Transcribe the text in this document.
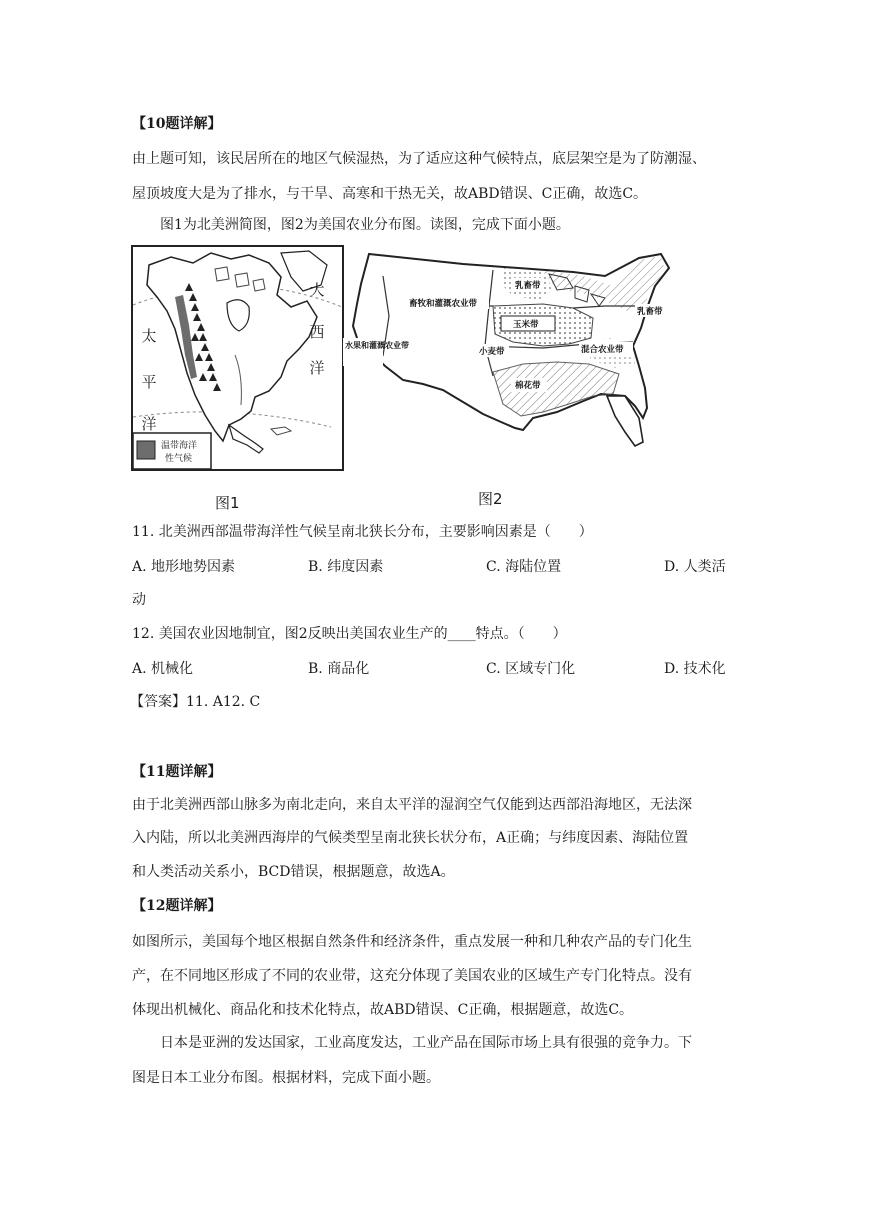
【10题详解】
由上题可知，该民居所在的地区气候湿热，为了适应这种气候特点，底层架空是为了防潮湿、
屋顶坡度大是为了排水，与干旱、高寒和干热无关，故ABD错误、C正确，故选C。
图1为北美洲简图，图2为美国农业分布图。读图，完成下面小题。
大
西
洋
太
平
洋
温带海洋
性气候
图1
畜牧和灌溉农业带
乳畜带
玉米带
小麦带	混合农业带
乳畜带
棉花带
水果和灌溉农业带
图2
11. 北美洲西部温带海洋性气候呈南北狭长分布，主要影响因素是（　　）
A. 地形地势因素	B. 纬度因素	C. 海陆位置	D. 人类活
动
12. 美国农业因地制宜，图2反映出美国农业生产的____特点。（　　）
A. 机械化	B. 商品化	C. 区域专门化	D. 技术化
【答案】11. A12. C
【11题详解】
由于北美洲西部山脉多为南北走向，来自太平洋的湿润空气仅能到达西部沿海地区，无法深
入内陆，所以北美洲西海岸的气候类型呈南北狭长状分布，A正确；与纬度因素、海陆位置
和人类活动关系小，BCD错误，根据题意，故选A。
【12题详解】
如图所示，美国每个地区根据自然条件和经济条件，重点发展一种和几种农产品的专门化生
产，在不同地区形成了不同的农业带，这充分体现了美国农业的区域生产专门化特点。没有
体现出机械化、商品化和技术化特点，故ABD错误、C正确，根据题意，故选C。
日本是亚洲的发达国家，工业高度发达，工业产品在国际市场上具有很强的竞争力。下
图是日本工业分布图。根据材料，完成下面小题。
